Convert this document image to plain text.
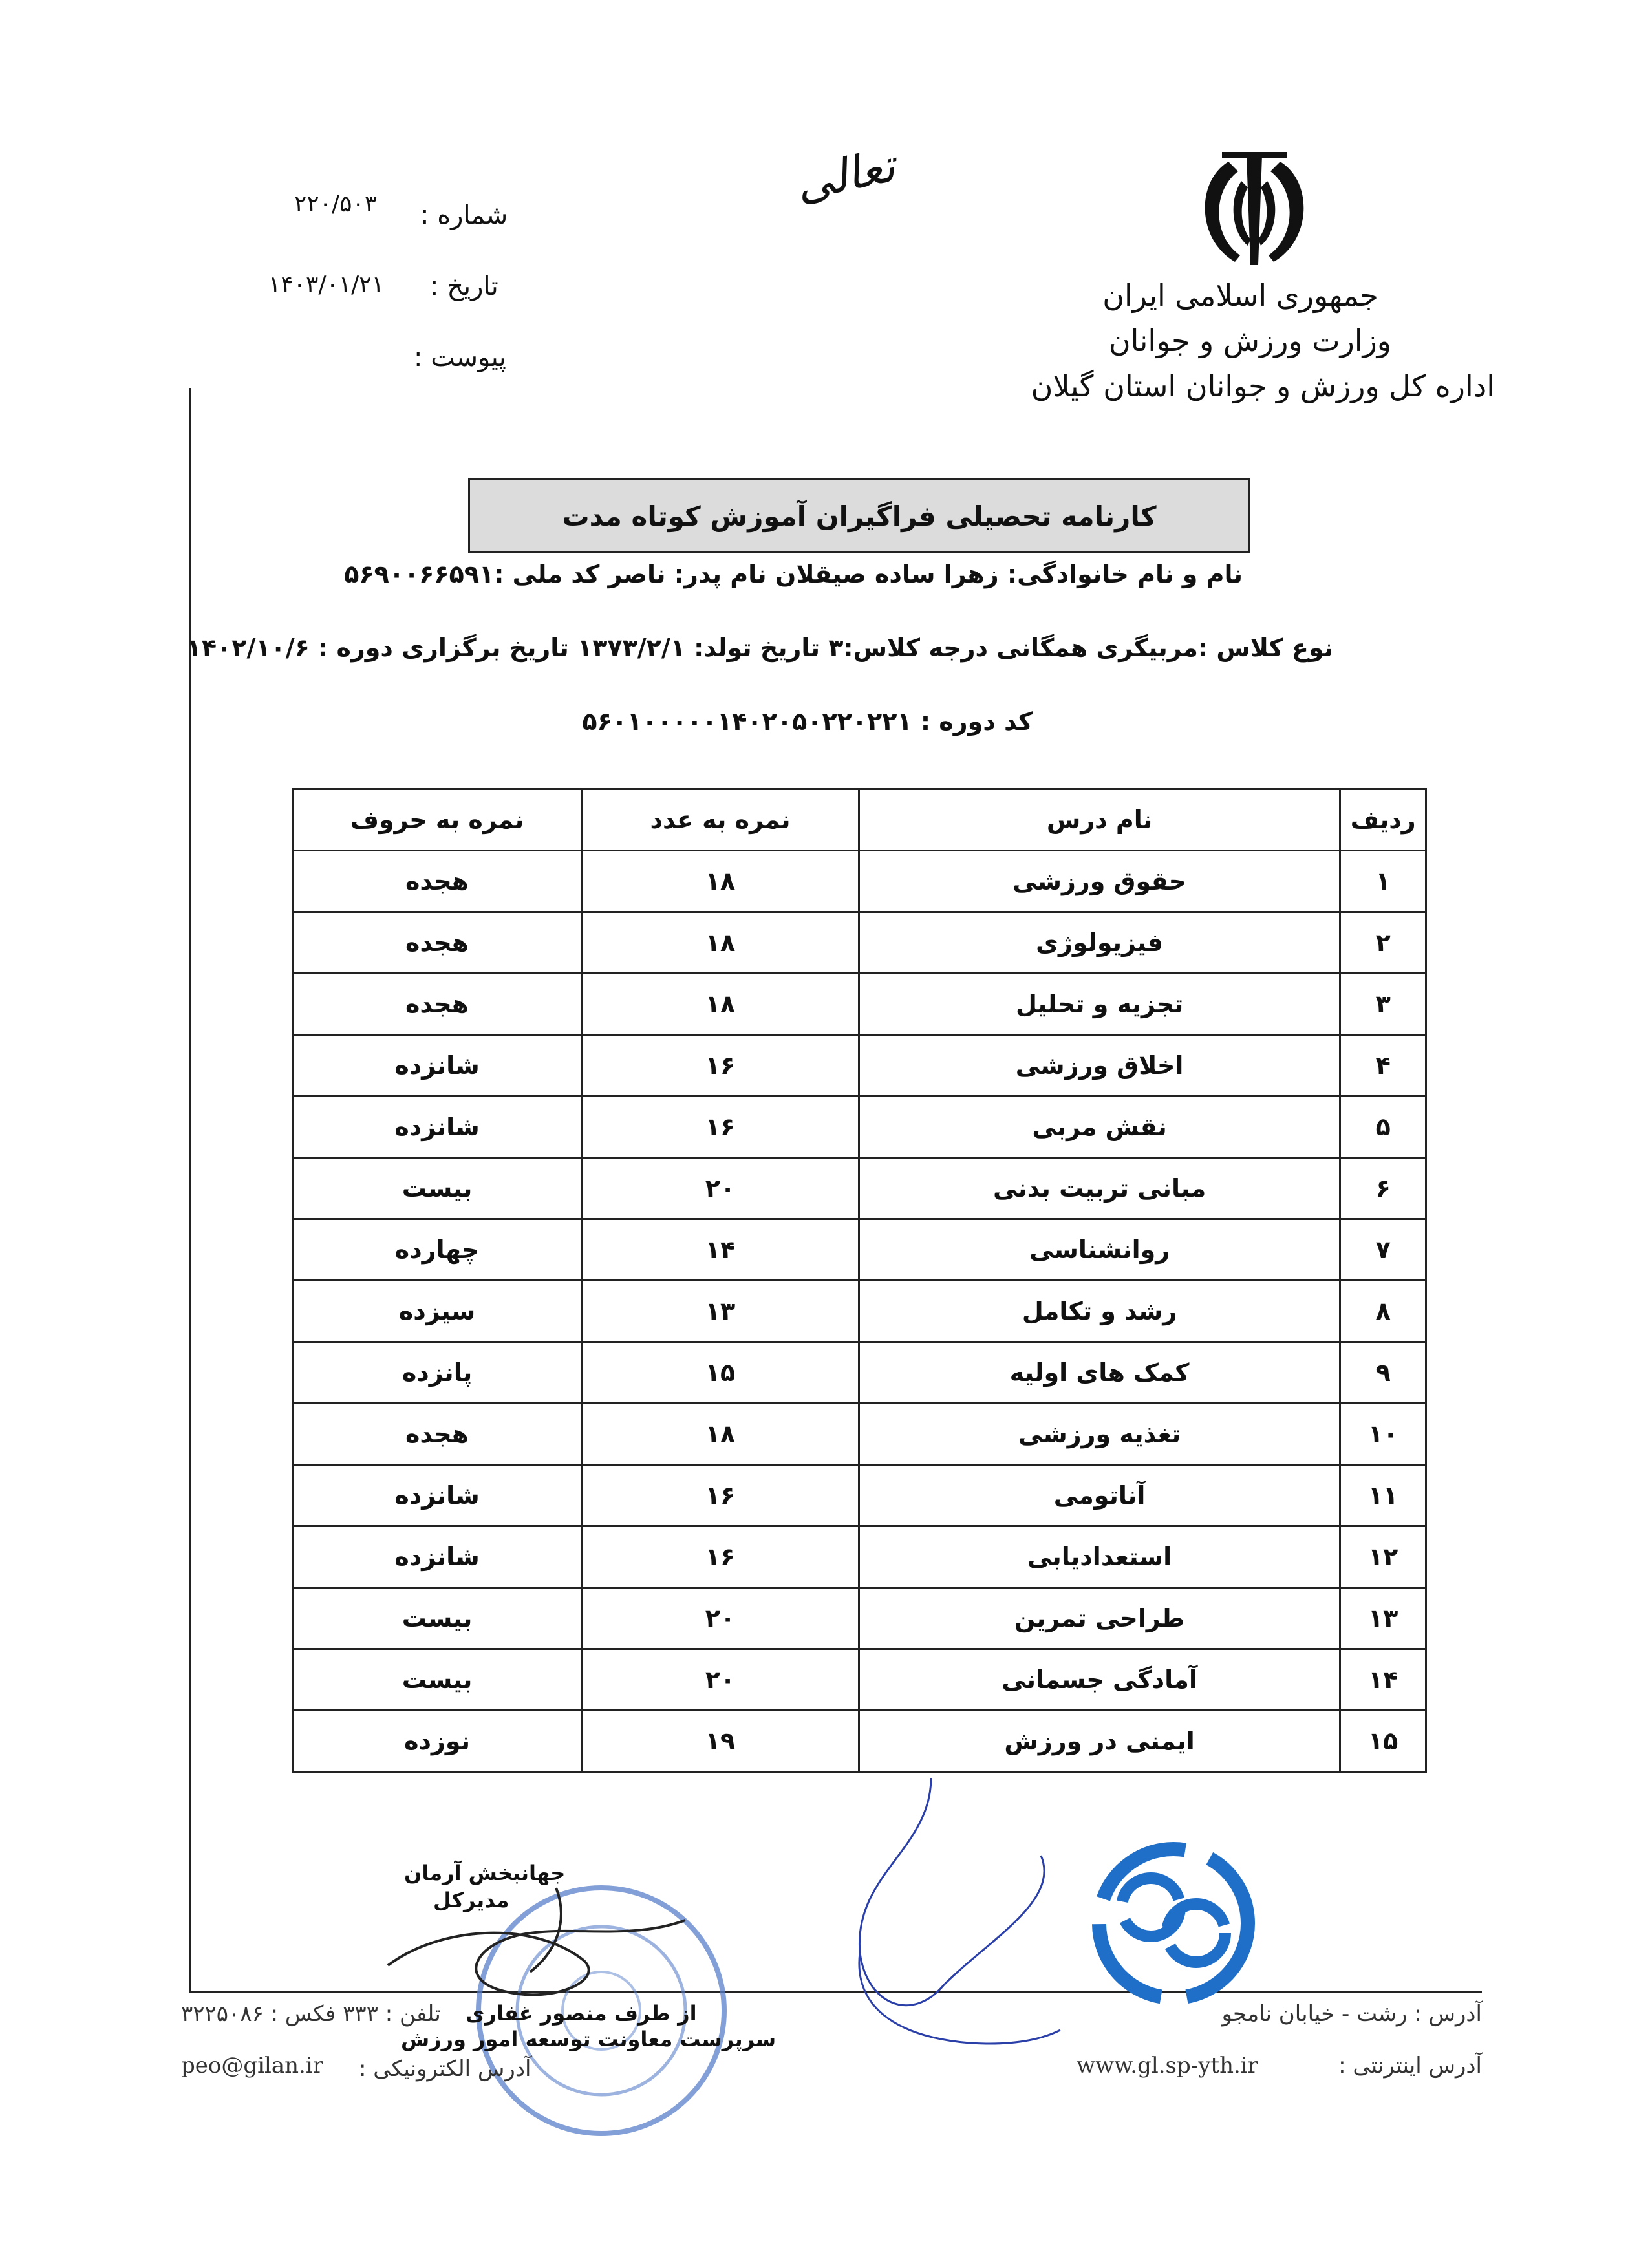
جمهوری اسلامی ایران
وزارت ورزش و جوانان
اداره کل ورزش و جوانان استان گیلان
تعالی
شماره :
۲۲۰/۵۰۳
تاریخ :
۱۴۰۳/۰۱/۲۱
پیوست :
کارنامه تحصیلی فراگیران آموزش کوتاه مدت
نام و نام خانوادگی: زهرا ساده صیقلان نام پدر: ناصر کد ملی :۵۶۹۰۰۶۶۵۹۱
نوع کلاس :مربیگری همگانی درجه کلاس:۳ تاریخ تولد: ۱۳۷۳/۲/۱ تاریخ برگزاری دوره : ۱۴۰۲/۱۰/۶
کد دوره : ۵۶۰۱۰۰۰۰۰۱۴۰۲۰۵۰۲۲۰۲۲۱
ردیف	نام درس	نمره به عدد	نمره به حروف
۱	حقوق ورزشی	۱۸	هجده
۲	فیزیولوژی	۱۸	هجده
۳	تجزیه و تحلیل	۱۸	هجده
۴	اخلاق ورزشی	۱۶	شانزده
۵	نقش مربی	۱۶	شانزده
۶	مبانی تربیت بدنی	۲۰	بیست
۷	روانشناسی	۱۴	چهارده
۸	رشد و تکامل	۱۳	سیزده
۹	کمک های اولیه	۱۵	پانزده
۱۰	تغذیه ورزشی	۱۸	هجده
۱۱	آناتومی	۱۶	شانزده
۱۲	استعدادیابی	۱۶	شانزده
۱۳	طراحی تمرین	۲۰	بیست
۱۴	آمادگی جسمانی	۲۰	بیست
۱۵	ایمنی در ورزش	۱۹	نوزده
جهانبخش آرمان
مدیرکل
از طرف منصور غفاری
سرپرست معاونت توسعه امور ورزش
آدرس : رشت - خیابان نامجو
تلفن : ۳۳۳ فکس : ۳۲۲۵۰۸۶
آدرس اینترنتی :
www.gl.sp-yth.ir
آدرس الکترونیکی :
peo@gilan.ir
